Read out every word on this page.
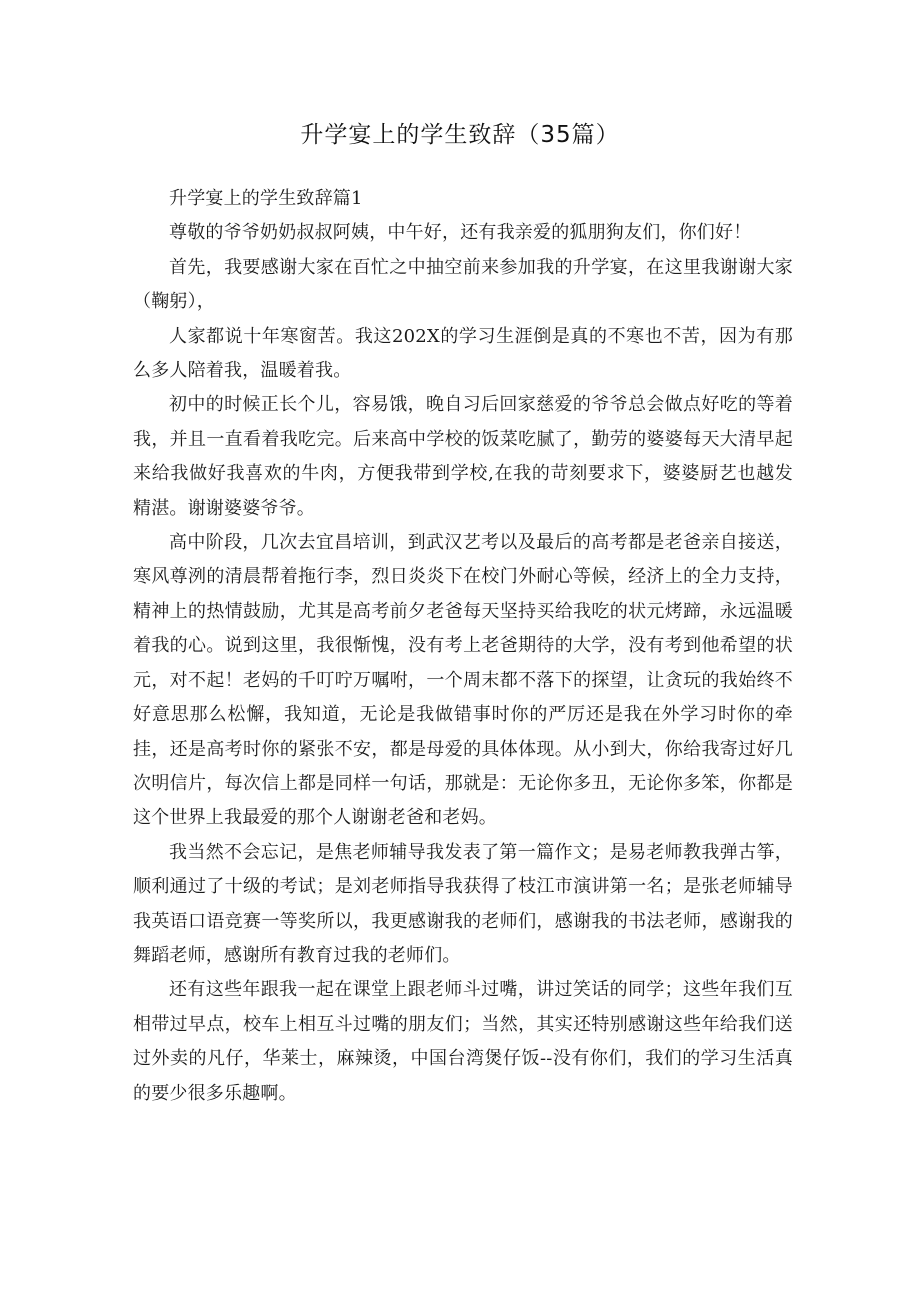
升学宴上的学生致辞（35篇）

升学宴上的学生致辞篇1

尊敬的爷爷奶奶叔叔阿姨，中午好，还有我亲爱的狐朋狗友们，你们好！

首先，我要感谢大家在百忙之中抽空前来参加我的升学宴，在这里我谢谢大家（鞠躬），

人家都说十年寒窗苦。我这202X的学习生涯倒是真的不寒也不苦，因为有那么多人陪着我，温暖着我。

初中的时候正长个儿，容易饿，晚自习后回家慈爱的爷爷总会做点好吃的等着我，并且一直看着我吃完。后来高中学校的饭菜吃腻了，勤劳的婆婆每天大清早起来给我做好我喜欢的牛肉，方便我带到学校,在我的苛刻要求下，婆婆厨艺也越发精湛。谢谢婆婆爷爷。

高中阶段，几次去宜昌培训，到武汉艺考以及最后的高考都是老爸亲自接送，寒风尊洌的清晨帮着拖行李，烈日炎炎下在校门外耐心等候，经济上的全力支持，精神上的热情鼓励，尤其是高考前夕老爸每天坚持买给我吃的状元烤蹄，永远温暖着我的心。说到这里，我很惭愧，没有考上老爸期待的大学，没有考到他希望的状元，对不起！老妈的千叮咛万嘱咐，一个周末都不落下的探望，让贪玩的我始终不好意思那么松懈，我知道，无论是我做错事时你的严厉还是我在外学习时你的牵挂，还是高考时你的紧张不安，都是母爱的具体体现。从小到大，你给我寄过好几次明信片，每次信上都是同样一句话，那就是：无论你多丑，无论你多笨，你都是这个世界上我最爱的那个人谢谢老爸和老妈。

我当然不会忘记，是焦老师辅导我发表了第一篇作文；是易老师教我弹古筝，顺利通过了十级的考试；是刘老师指导我获得了枝江市演讲第一名；是张老师辅导我英语口语竞赛一等奖所以，我更感谢我的老师们，感谢我的书法老师，感谢我的舞蹈老师，感谢所有教育过我的老师们。

还有这些年跟我一起在课堂上跟老师斗过嘴，讲过笑话的同学；这些年我们互相带过早点，校车上相互斗过嘴的朋友们；当然，其实还特别感谢这些年给我们送过外卖的凡仔，华莱士，麻辣烫，中国台湾煲仔饭--没有你们，我们的学习生活真的要少很多乐趣啊。
